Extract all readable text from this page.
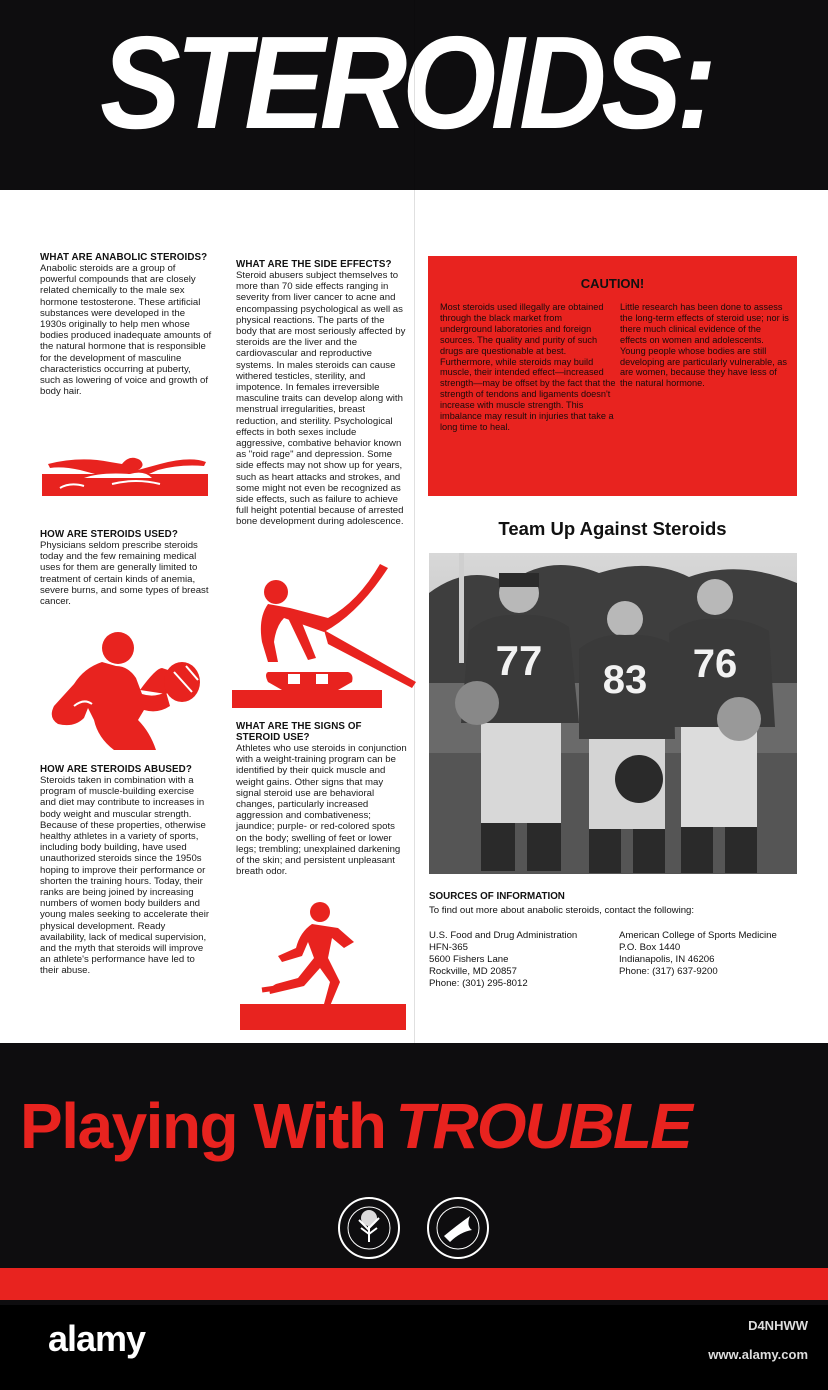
STEROIDS:
WHAT ARE ANABOLIC STEROIDS?
Anabolic steroids are a group of powerful compounds that are closely related chemically to the male sex hormone testosterone. These artificial substances were developed in the 1930s originally to help men whose bodies produced inadequate amounts of the natural hormone that is responsible for the development of masculine characteristics occurring at puberty, such as lowering of voice and growth of body hair.
HOW ARE STEROIDS USED?
Physicians seldom prescribe steroids today and the few remaining medical uses for them are generally limited to treatment of certain kinds of anemia, severe burns, and some types of breast cancer.
HOW ARE STEROIDS ABUSED?
Steroids taken in combination with a program of muscle-building exercise and diet may contribute to increases in body weight and muscular strength. Because of these properties, otherwise healthy athletes in a variety of sports, including body building, have used unauthorized steroids since the 1950s hoping to improve their performance or shorten the training hours. Today, their ranks are being joined by increasing numbers of women body builders and young males seeking to accelerate their physical development. Ready availability, lack of medical supervision, and the myth that steroids will improve an athlete's performance have led to their abuse.
WHAT ARE THE SIDE EFFECTS?
Steroid abusers subject themselves to more than 70 side effects ranging in severity from liver cancer to acne and encompassing psychological as well as physical reactions. The parts of the body that are most seriously affected by steroids are the liver and the cardiovascular and reproductive systems. In males steroids can cause withered testicles, sterility, and impotence. In females irreversible masculine traits can develop along with menstrual irregularities, breast reduction, and sterility. Psychological effects in both sexes include aggressive, combative behavior known as "roid rage" and depression. Some side effects may not show up for years, such as heart attacks and strokes, and some might not even be recognized as side effects, such as failure to achieve full height potential because of arrested bone development during adolescence.
WHAT ARE THE SIGNS OF STEROID USE?
Athletes who use steroids in conjunction with a weight-training program can be identified by their quick muscle and weight gains. Other signs that may signal steroid use are behavioral changes, particularly increased aggression and combativeness; jaundice; purple- or red-colored spots on the body; swelling of feet or lower legs; trembling; unexplained darkening of the skin; and persistent unpleasant breath odor.
CAUTION!
Most steroids used illegally are obtained through the black market from underground laboratories and foreign sources. The quality and purity of such drugs are questionable at best. Furthermore, while steroids may build muscle, their intended effect—increased strength—may be offset by the fact that the strength of tendons and ligaments doesn't increase with muscle strength. This imbalance may result in injuries that take a long time to heal.
Little research has been done to assess the long-term effects of steroid use; nor is there much clinical evidence of the effects on women and adolescents. Young people whose bodies are still developing are particularly vulnerable, as are women, because they have less of the natural hormone.
Team Up Against Steroids
77 83 76
SOURCES OF INFORMATION
To find out more about anabolic steroids, contact the following:
U.S. Food and Drug Administration
HFN-365
5600 Fishers Lane
Rockville, MD 20857
Phone: (301) 295-8012
American College of Sports Medicine
P.O. Box 1440
Indianapolis, IN 46206
Phone: (317) 637-9200
Playing With TROUBLE
alamy	D4NHWW
www.alamy.com
